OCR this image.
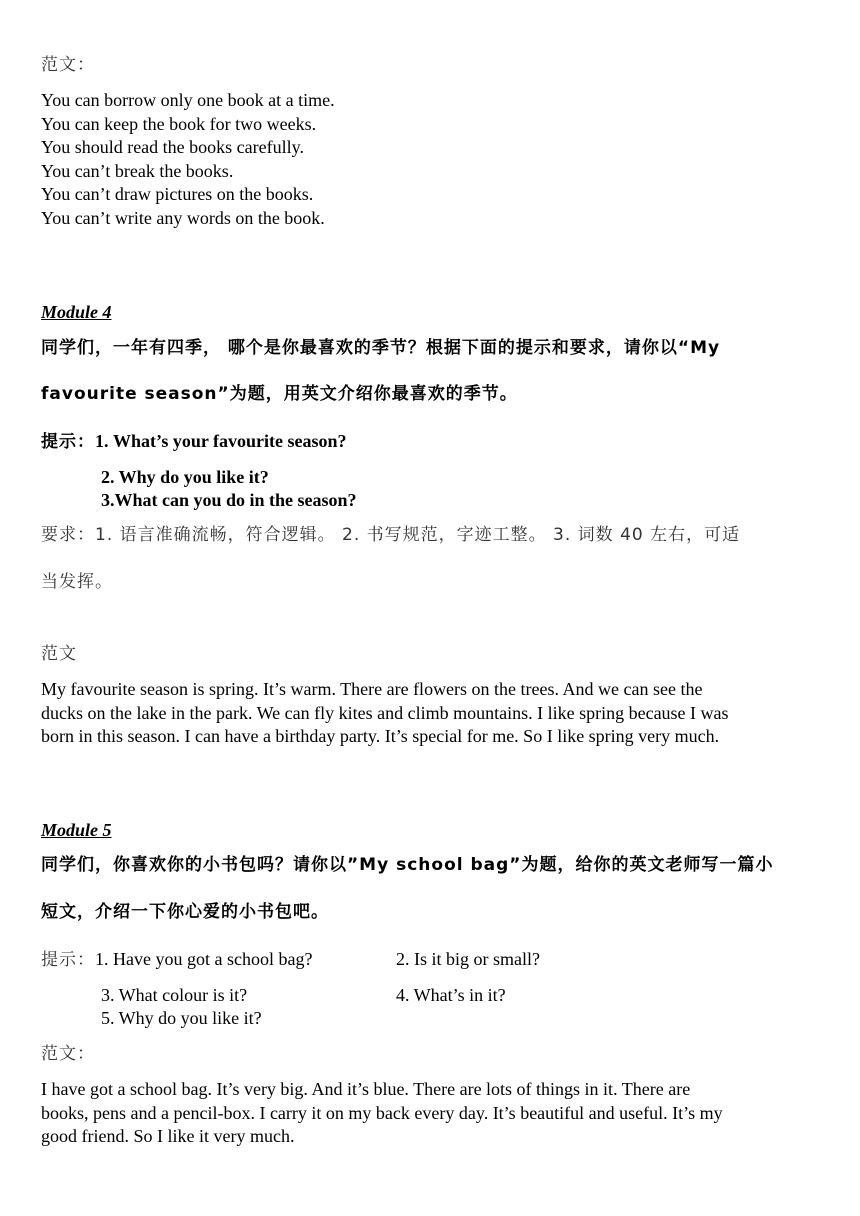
范文：
You can borrow only one book at a time.
You can keep the book for two weeks.
You should read the books carefully.
You can’t break the books.
You can’t draw pictures on the books.
You can’t write any words on the book.
Module 4
同学们，一年有四季， 哪个是你最喜欢的季节？根据下面的提示和要求，请你以“My
favourite season”为题，用英文介绍你最喜欢的季节。
提示：1. What’s your favourite season?
2. Why do you like it?
3.What can you do in the season?
要求：1. 语言准确流畅，符合逻辑。 2. 书写规范，字迹工整。 3. 词数 40 左右，可适
当发挥。
范文
My favourite season is spring. It’s warm. There are flowers on the trees. And we can see the
ducks on the lake in the park. We can fly kites and climb mountains. I like spring because I was
born in this season. I can have a birthday party. It’s special for me. So I like spring very much.
Module 5
同学们，你喜欢你的小书包吗？请你以”My school bag”为题，给你的英文老师写一篇小
短文，介绍一下你心爱的小书包吧。
提示：1. Have you got a school bag?	2. Is it big or small?
3. What colour is it?	4. What’s in it?
5. Why do you like it?
范文：
I have got a school bag. It’s very big. And it’s blue. There are lots of things in it. There are
books, pens and a pencil-box. I carry it on my back every day. It’s beautiful and useful. It’s my
good friend. So I like it very much.
